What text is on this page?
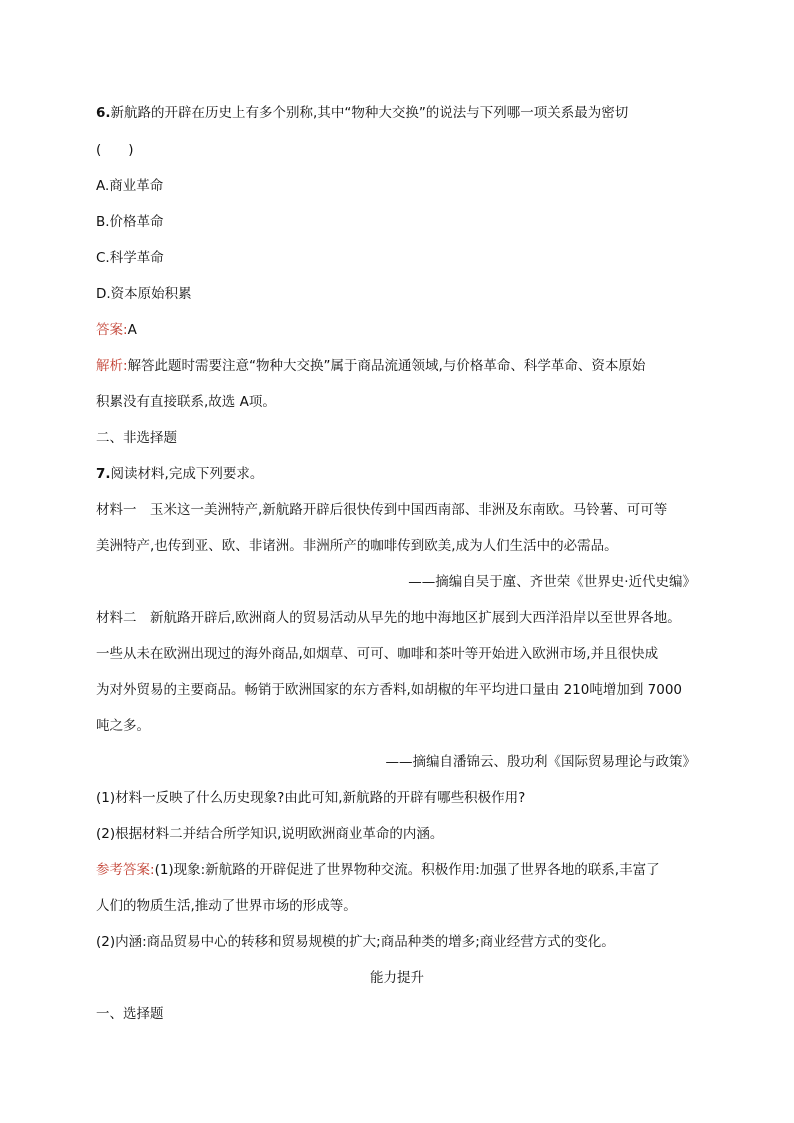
6.新航路的开辟在历史上有多个别称,其中“物种大交换”的说法与下列哪一项关系最为密切
(　　)
A.商业革命
B.价格革命
C.科学革命
D.资本原始积累
答案:A
解析:解答此题时需要注意“物种大交换”属于商品流通领域,与价格革命、科学革命、资本原始
积累没有直接联系,故选 A项。
二、非选择题
7.阅读材料,完成下列要求。
材料一　玉米这一美洲特产,新航路开辟后很快传到中国西南部、非洲及东南欧。马铃薯、可可等
美洲特产,也传到亚、欧、非诸洲。非洲所产的咖啡传到欧美,成为人们生活中的必需品。
——摘编自吴于廑、齐世荣《世界史·近代史编》
材料二　新航路开辟后,欧洲商人的贸易活动从早先的地中海地区扩展到大西洋沿岸以至世界各地。
一些从未在欧洲出现过的海外商品,如烟草、可可、咖啡和茶叶等开始进入欧洲市场,并且很快成
为对外贸易的主要商品。畅销于欧洲国家的东方香料,如胡椒的年平均进口量由 210吨增加到 7000
吨之多。
——摘编自潘锦云、殷功利《国际贸易理论与政策》
(1)材料一反映了什么历史现象?由此可知,新航路的开辟有哪些积极作用?
(2)根据材料二并结合所学知识,说明欧洲商业革命的内涵。
参考答案:(1)现象:新航路的开辟促进了世界物种交流。积极作用:加强了世界各地的联系,丰富了
人们的物质生活,推动了世界市场的形成等。
(2)内涵:商品贸易中心的转移和贸易规模的扩大;商品种类的增多;商业经营方式的变化。
能力提升
一、选择题
